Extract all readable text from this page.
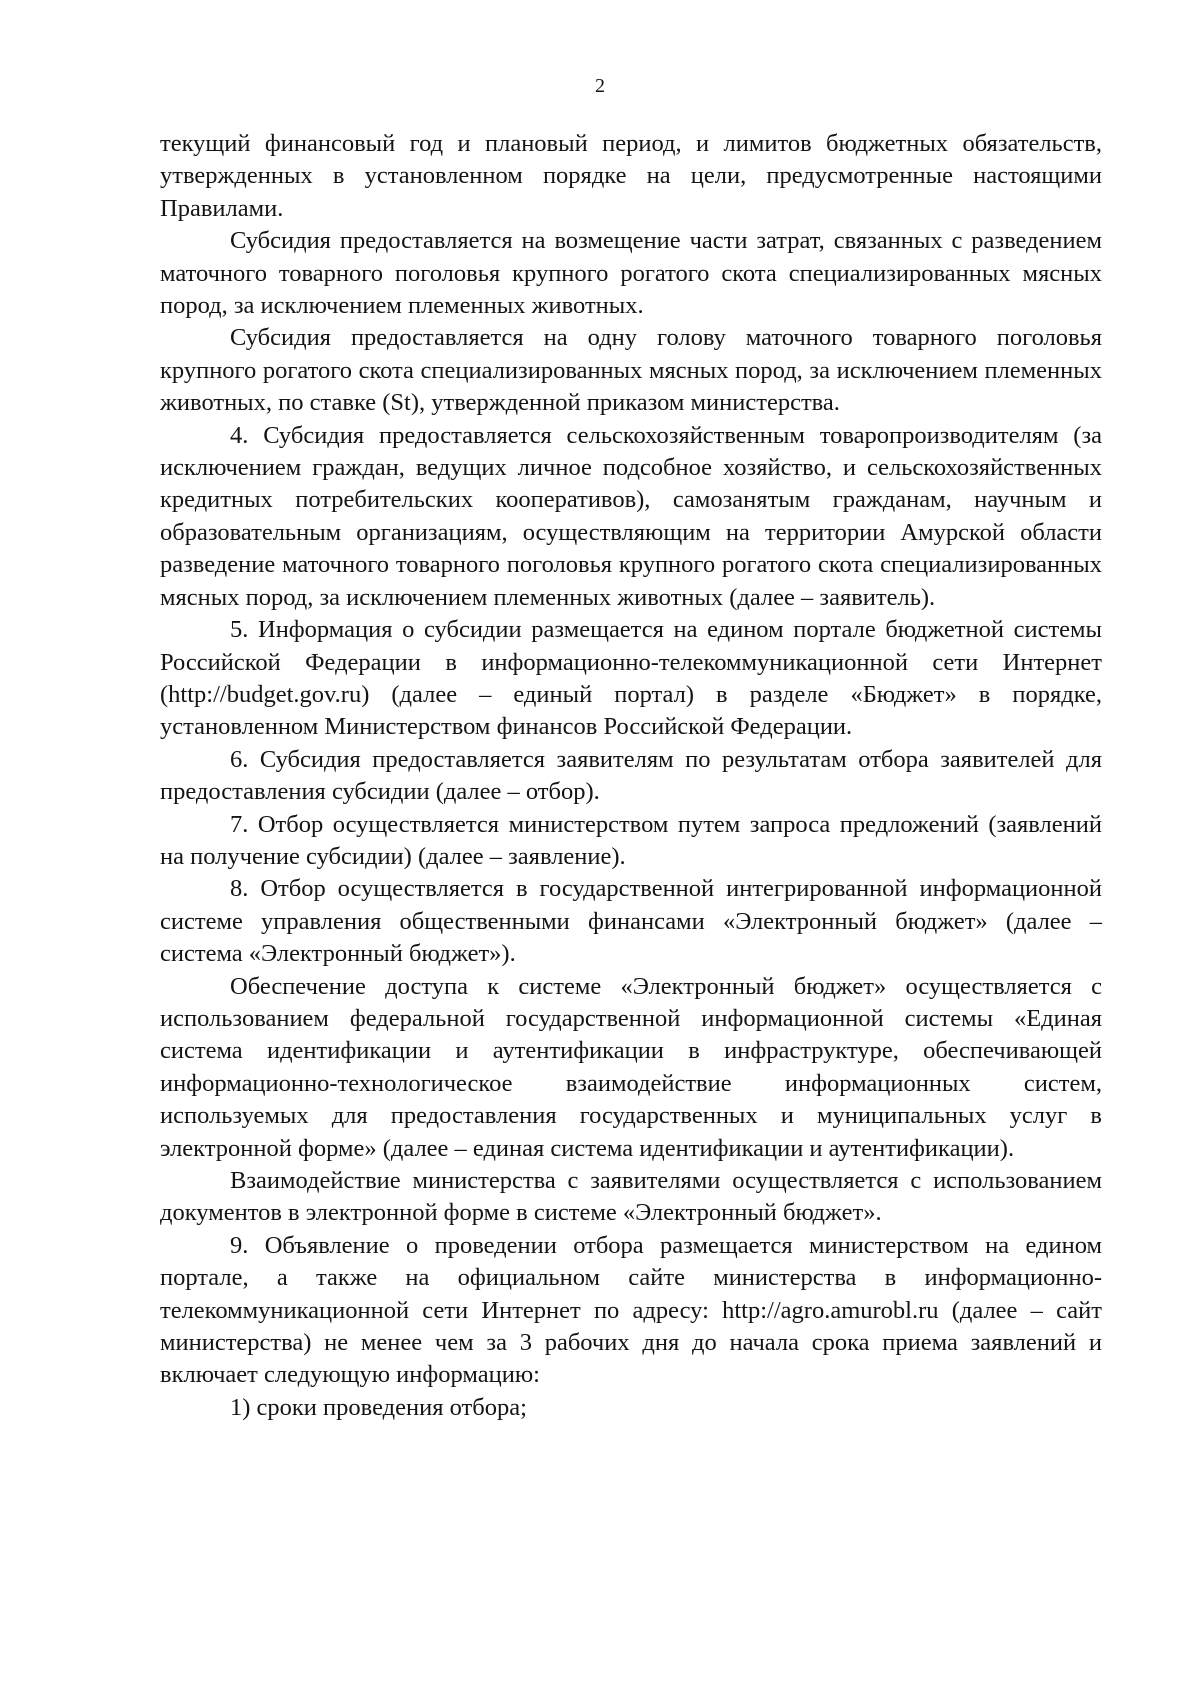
2

текущий финансовый год и плановый период, и лимитов бюджетных обязательств, утвержденных в установленном порядке на цели, предусмотренные настоящими Правилами.

Субсидия предоставляется на возмещение части затрат, связанных с разведением маточного товарного поголовья крупного рогатого скота специализированных мясных пород, за исключением племенных животных.

Субсидия предоставляется на одну голову маточного товарного поголовья крупного рогатого скота специализированных мясных пород, за исключением племенных животных, по ставке (St), утвержденной приказом министерства.

4. Субсидия предоставляется сельскохозяйственным товаропроизводителям (за исключением граждан, ведущих личное подсобное хозяйство, и сельскохозяйственных кредитных потребительских кооперативов), самозанятым гражданам, научным и образовательным организациям, осуществляющим на территории Амурской области разведение маточного товарного поголовья крупного рогатого скота специализированных мясных пород, за исключением племенных животных (далее – заявитель).

5. Информация о субсидии размещается на едином портале бюджетной системы Российской Федерации в информационно-телекоммуникационной сети Интернет (http://budget.gov.ru) (далее – единый портал) в разделе «Бюджет» в порядке, установленном Министерством финансов Российской Федерации.

6. Субсидия предоставляется заявителям по результатам отбора заявителей для предоставления субсидии (далее – отбор).

7. Отбор осуществляется министерством путем запроса предложений (заявлений на получение субсидии) (далее – заявление).

8. Отбор осуществляется в государственной интегрированной информационной системе управления общественными финансами «Электронный бюджет» (далее – система «Электронный бюджет»).

Обеспечение доступа к системе «Электронный бюджет» осуществляется с использованием федеральной государственной информационной системы «Единая система идентификации и аутентификации в инфраструктуре, обеспечивающей информационно-технологическое взаимодействие информационных систем, используемых для предоставления государственных и муниципальных услуг в электронной форме» (далее – единая система идентификации и аутентификации).

Взаимодействие министерства с заявителями осуществляется с использованием документов в электронной форме в системе «Электронный бюджет».

9. Объявление о проведении отбора размещается министерством на едином портале, а также на официальном сайте министерства в информационно-телекоммуникационной сети Интернет по адресу: http://agro.amurobl.ru (далее – сайт министерства) не менее чем за 3 рабочих дня до начала срока приема заявлений и включает следующую информацию:

1) сроки проведения отбора;
